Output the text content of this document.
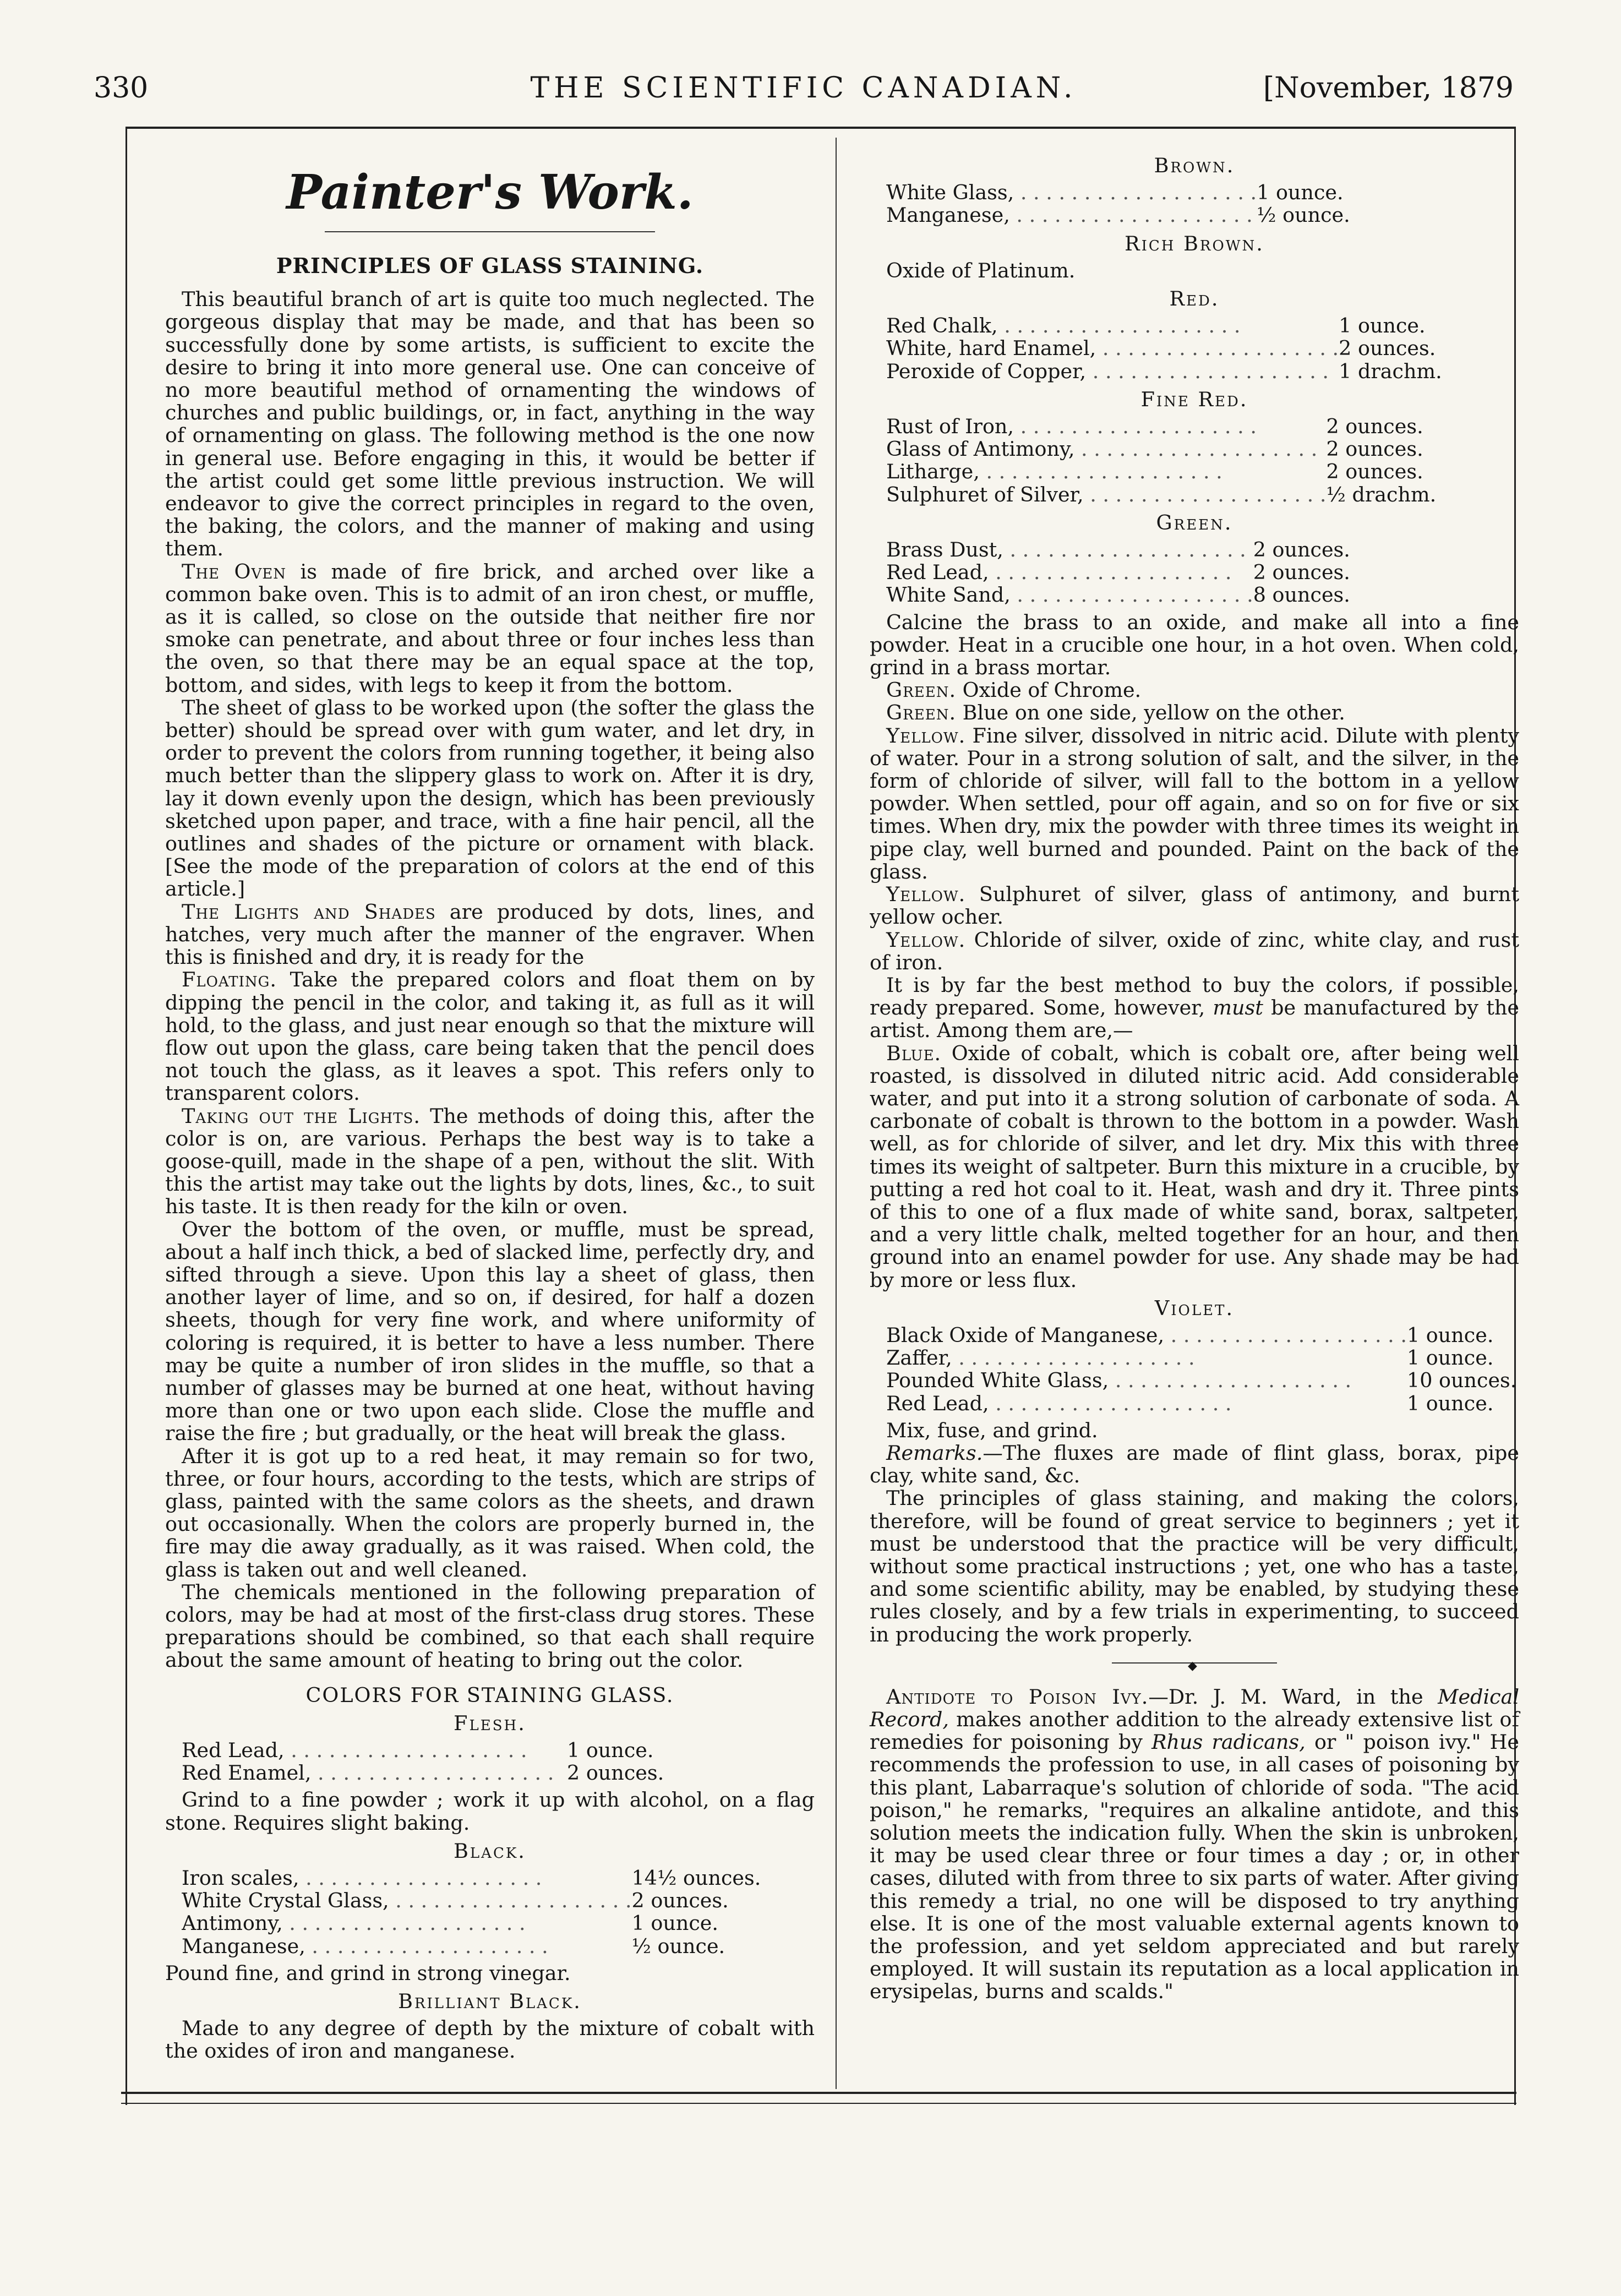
330	THE SCIENTIFIC CANADIAN.	[November, 1879
Painter's Work.
PRINCIPLES OF GLASS STAINING.

This beautiful branch of art is quite too much neglected. The gorgeous display that may be made, and that has been so successfully done by some artists, is sufficient to excite the desire to bring it into more general use. One can conceive of no more beautiful method of ornamenting the windows of churches and public buildings, or, in fact, anything in the way of ornamenting on glass. The following method is the one now in general use. Before engaging in this, it would be better if the artist could get some little previous instruction. We will endeavor to give the correct principles in regard to the oven, the baking, the colors, and the manner of making and using them.

The Oven is made of fire brick, and arched over like a common bake oven. This is to admit of an iron chest, or muffle, as it is called, so close on the outside that neither fire nor smoke can penetrate, and about three or four inches less than the oven, so that there may be an equal space at the top, bottom, and sides, with legs to keep it from the bottom.

The sheet of glass to be worked upon (the softer the glass the better) should be spread over with gum water, and let dry, in order to prevent the colors from running together, it being also much better than the slippery glass to work on. After it is dry, lay it down evenly upon the design, which has been previously sketched upon paper, and trace, with a fine hair pencil, all the outlines and shades of the picture or ornament with black. [See the mode of the preparation of colors at the end of this article.]

The Lights and Shades are produced by dots, lines, and hatches, very much after the manner of the engraver. When this is finished and dry, it is ready for the

Floating. Take the prepared colors and float them on by dipping the pencil in the color, and taking it, as full as it will hold, to the glass, and just near enough so that the mixture will flow out upon the glass, care being taken that the pencil does not touch the glass, as it leaves a spot. This refers only to transparent colors.

Taking out the Lights. The methods of doing this, after the color is on, are various. Perhaps the best way is to take a goose-quill, made in the shape of a pen, without the slit. With this the artist may take out the lights by dots, lines, &c., to suit his taste. It is then ready for the kiln or oven.

Over the bottom of the oven, or muffle, must be spread, about a half inch thick, a bed of slacked lime, perfectly dry, and sifted through a sieve. Upon this lay a sheet of glass, then another layer of lime, and so on, if desired, for half a dozen sheets, though for very fine work, and where uniformity of coloring is required, it is better to have a less number. There may be quite a number of iron slides in the muffle, so that a number of glasses may be burned at one heat, without having more than one or two upon each slide. Close the muffle and raise the fire ; but gradually, or the heat will break the glass.

After it is got up to a red heat, it may remain so for two, three, or four hours, according to the tests, which are strips of glass, painted with the same colors as the sheets, and drawn out occasionally. When the colors are properly burned in, the fire may die away gradually, as it was raised. When cold, the glass is taken out and well cleaned.

The chemicals mentioned in the following preparation of colors, may be had at most of the first-class drug stores. These preparations should be combined, so that each shall require about the same amount of heating to bring out the color.

COLORS FOR STAINING GLASS.
Flesh.
Red Lead, . . .	1 ounce.
Red Enamel, . . .	2 ounces.

Grind to a fine powder ; work it up with alcohol, on a flag stone. Requires slight baking.

Black.
Iron scales, . . .	14½ ounces.
White Crystal Glass, . . .	2 ounces.
Antimony, . . .	1 ounce.
Manganese, . . .	½ ounce.

Pound fine, and grind in strong vinegar.

Brilliant Black.

Made to any degree of depth by the mixture of cobalt with the oxides of iron and manganese.

Brown.
White Glass, . . .	1 ounce.
Manganese, . . .	½ ounce.
Rich Brown.

Oxide of Platinum.

Red.
Red Chalk, . . .	1 ounce.
White, hard Enamel, . . .	2 ounces.
Peroxide of Copper, . . .	1 drachm.
Fine Red.
Rust of Iron, . . .	2 ounces.
Glass of Antimony, . . .	2 ounces.
Litharge, . . .	2 ounces.
Sulphuret of Silver, . . .	½ drachm.
Green.
Brass Dust, . . .	2 ounces.
Red Lead, . . .	2 ounces.
White Sand, . . .	8 ounces.

Calcine the brass to an oxide, and make all into a fine powder. Heat in a crucible one hour, in a hot oven. When cold, grind in a brass mortar.

Green. Oxide of Chrome.

Green. Blue on one side, yellow on the other.

Yellow. Fine silver, dissolved in nitric acid. Dilute with plenty of water. Pour in a strong solution of salt, and the silver, in the form of chloride of silver, will fall to the bottom in a yellow powder. When settled, pour off again, and so on for five or six times. When dry, mix the powder with three times its weight in pipe clay, well burned and pounded. Paint on the back of the glass.

Yellow. Sulphuret of silver, glass of antimony, and burnt yellow ocher.

Yellow. Chloride of silver, oxide of zinc, white clay, and rust of iron.

It is by far the best method to buy the colors, if possible, ready prepared. Some, however, must be manufactured by the artist. Among them are,—

Blue. Oxide of cobalt, which is cobalt ore, after being well roasted, is dissolved in diluted nitric acid. Add considerable water, and put into it a strong solution of carbonate of soda. A carbonate of cobalt is thrown to the bottom in a powder. Wash well, as for chloride of silver, and let dry. Mix this with three times its weight of saltpeter. Burn this mixture in a crucible, by putting a red hot coal to it. Heat, wash and dry it. Three pints of this to one of a flux made of white sand, borax, saltpeter, and a very little chalk, melted together for an hour, and then ground into an enamel powder for use. Any shade may be had by more or less flux.

Violet.
Black Oxide of Manganese, . . .	1 ounce.
Zaffer, . . .	1 ounce.
Pounded White Glass, . . .	10 ounces.
Red Lead, . . .	1 ounce.

Mix, fuse, and grind.

Remarks.—The fluxes are made of flint glass, borax, pipe clay, white sand, &c.

The principles of glass staining, and making the colors, therefore, will be found of great service to beginners ; yet it must be understood that the practice will be very difficult, without some practical instructions ; yet, one who has a taste, and some scientific ability, may be enabled, by studying these rules closely, and by a few trials in experimenting, to succeed in producing the work properly.

◆

Antidote to Poison Ivy.—Dr. J. M. Ward, in the Medical Record, makes another addition to the already extensive list of remedies for poisoning by Rhus radicans, or " poison ivy." He recommends the profession to use, in all cases of poisoning by this plant, Labarraque's solution of chloride of soda. "The acid poison," he remarks, "requires an alkaline antidote, and this solution meets the indication fully. When the skin is unbroken, it may be used clear three or four times a day ; or, in other cases, diluted with from three to six parts of water. After giving this remedy a trial, no one will be disposed to try anything else. It is one of the most valuable external agents known to the profession, and yet seldom appreciated and but rarely employed. It will sustain its reputation as a local application in erysipelas, burns and scalds."
